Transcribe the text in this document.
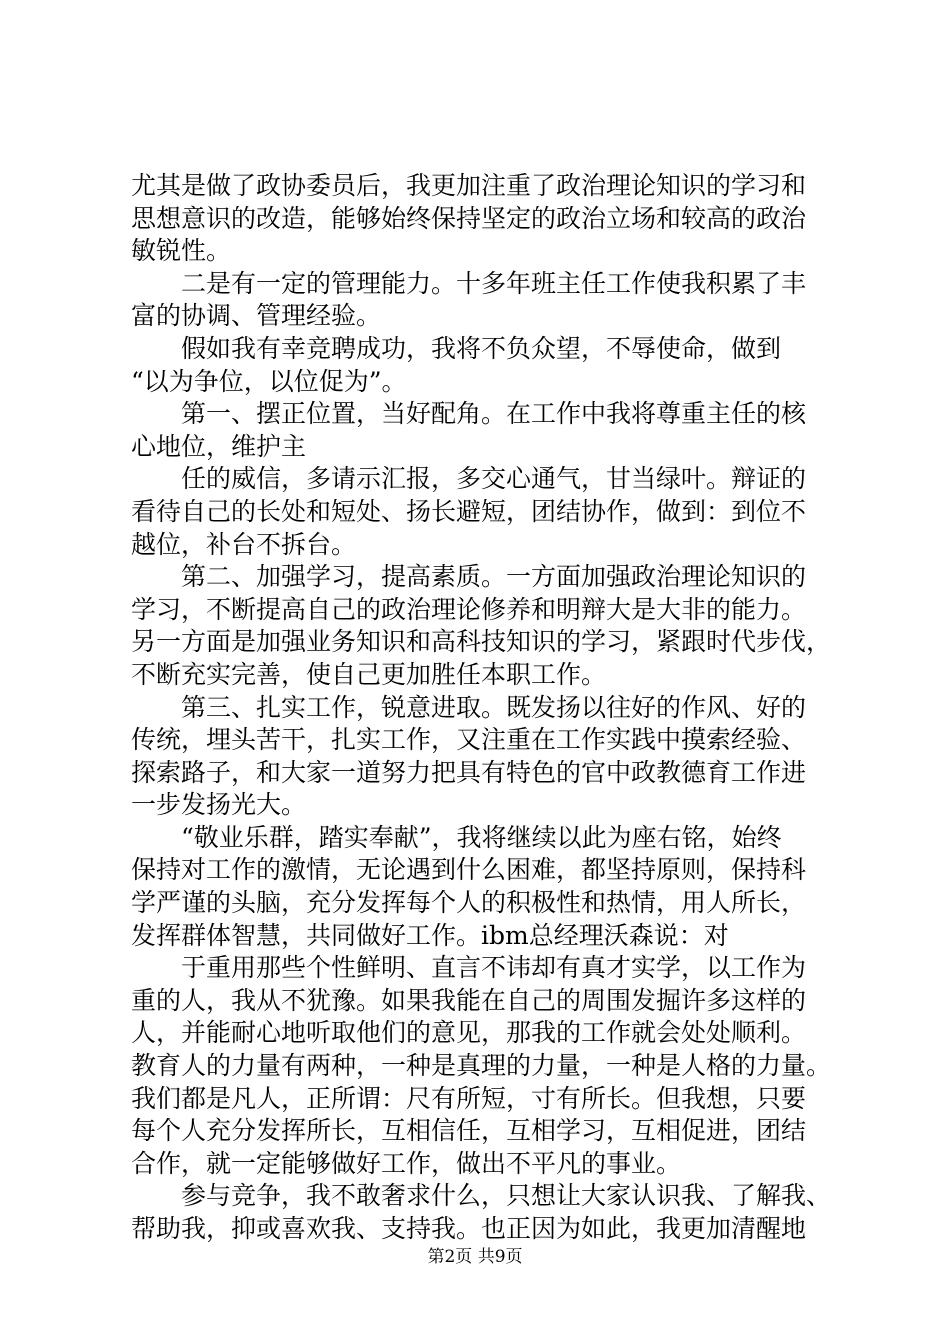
尤其是做了政协委员后，我更加注重了政治理论知识的学习和
思想意识的改造，能够始终保持坚定的政治立场和较高的政治
敏锐性。
二是有一定的管理能力。十多年班主任工作使我积累了丰
富的协调、管理经验。
假如我有幸竞聘成功，我将不负众望，不辱使命，做到
“以为争位，以位促为”。
第一、摆正位置，当好配角。在工作中我将尊重主任的核
心地位，维护主
任的威信，多请示汇报，多交心通气，甘当绿叶。辩证的
看待自己的长处和短处、扬长避短，团结协作，做到：到位不
越位，补台不拆台。
第二、加强学习，提高素质。一方面加强政治理论知识的
学习，不断提高自己的政治理论修养和明辩大是大非的能力。
另一方面是加强业务知识和高科技知识的学习，紧跟时代步伐，
不断充实完善，使自己更加胜任本职工作。
第三、扎实工作，锐意进取。既发扬以往好的作风、好的
传统，埋头苦干，扎实工作，又注重在工作实践中摸索经验、
探索路子，和大家一道努力把具有特色的官中政教德育工作进
一步发扬光大。
“敬业乐群，踏实奉献”，我将继续以此为座右铭，始终
保持对工作的激情，无论遇到什么困难，都坚持原则，保持科
学严谨的头脑，充分发挥每个人的积极性和热情，用人所长，
发挥群体智慧，共同做好工作。ibm总经理沃森说：对
于重用那些个性鲜明、直言不讳却有真才实学，以工作为
重的人，我从不犹豫。如果我能在自己的周围发掘许多这样的
人，并能耐心地听取他们的意见，那我的工作就会处处顺利。
教育人的力量有两种，一种是真理的力量，一种是人格的力量。
我们都是凡人，正所谓：尺有所短，寸有所长。但我想，只要
每个人充分发挥所长，互相信任，互相学习，互相促进，团结
合作，就一定能够做好工作，做出不平凡的事业。
参与竞争，我不敢奢求什么，只想让大家认识我、了解我、
帮助我，抑或喜欢我、支持我。也正因为如此，我更加清醒地
第2页 共9页
